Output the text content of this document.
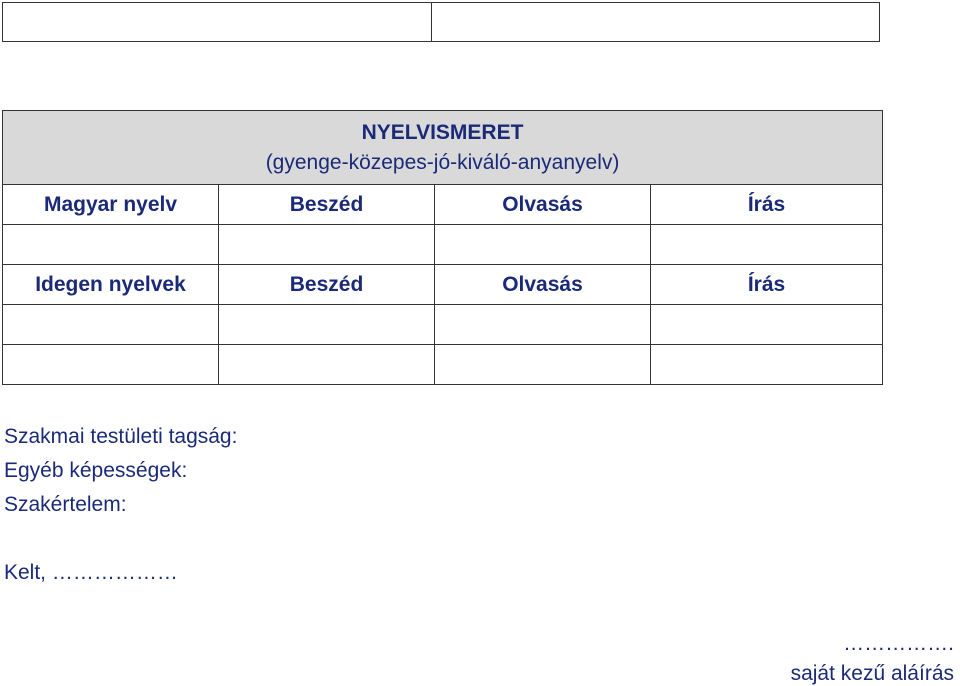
NYELVISMERET
(gyenge-közepes-jó-kiváló-anyanyelv)			

Magyar nyelv	Beszéd	Olvasás	Írás

Idegen nyelvek	Beszéd	Olvasás	Írás

Szakmai testületi tagság:
Egyéb képességek:
Szakértelem:
Kelt, ………………
…………….
saját kezű aláírás
